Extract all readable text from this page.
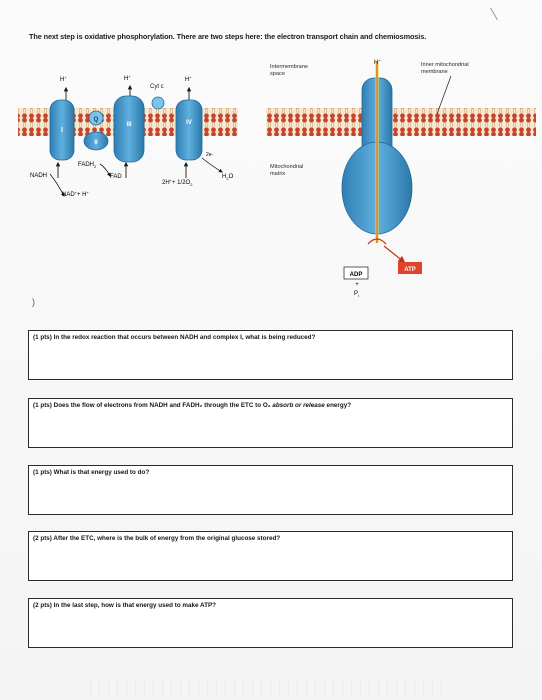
The next step is oxidative phosphorylation. There are two steps here: the electron transport chain and chemiosmosis.
I
Q
II
III
Cyt c
IV
H+	H+
H+
NADH
NAD++ H+
$FADH_2$
FAD
2e-
$2H^++ 1/2O_2$
$H_2O$
Intermembrane
space
Inner mitochondrial
membrane
Mitochondrial
matrix
H+
ADP
+
$P_i$
ATP
)
(1 pts) In the redox reaction that occurs between NADH and complex I, what is being reduced?
(1 pts) Does the flow of electrons from NADH and FADH₂ through the ETC to O₂ absorb or release energy?
(1 pts) What is that energy used to do?
(2 pts) After the ETC, where is the bulk of energy from the original glucose stored?
(2 pts) In the last step, how is that energy used to make ATP?
